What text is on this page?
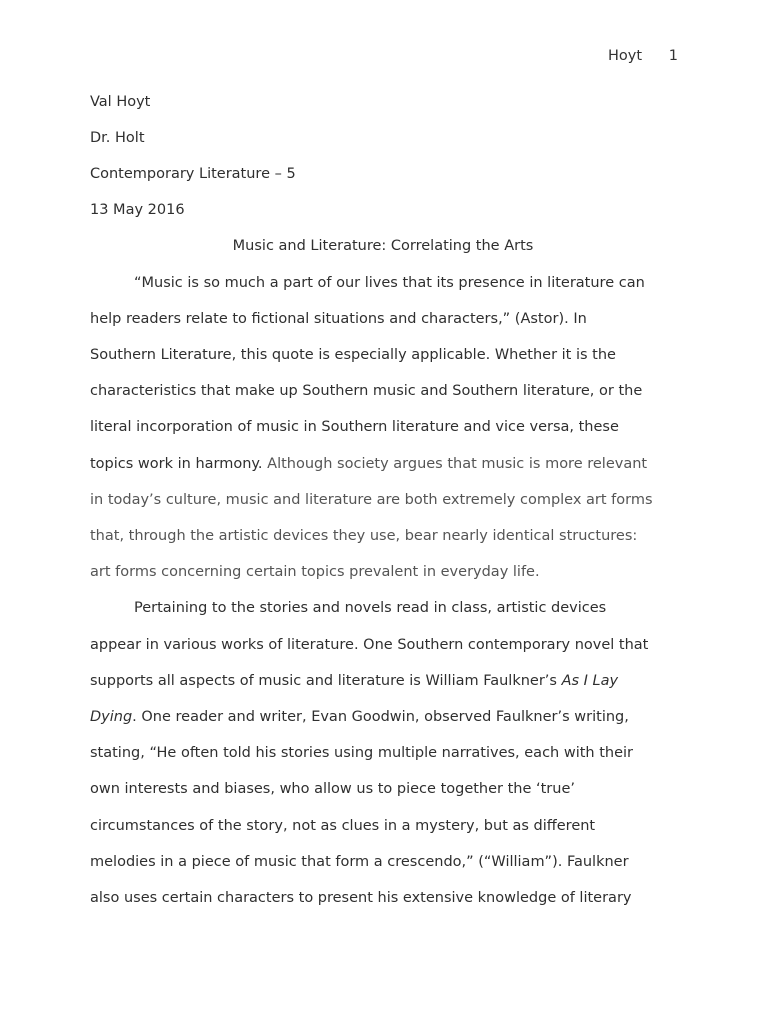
Hoyt 1
Val Hoyt
Dr. Holt
Contemporary Literature – 5
13 May 2016
Music and Literature: Correlating the Arts
“Music is so much a part of our lives that its presence in literature can
help readers relate to fictional situations and characters,” (Astor). In
Southern Literature, this quote is especially applicable. Whether it is the
characteristics that make up Southern music and Southern literature, or the
literal incorporation of music in Southern literature and vice versa, these
topics work in harmony. Although society argues that music is more relevant
in today’s culture, music and literature are both extremely complex art forms
that, through the artistic devices they use, bear nearly identical structures:
art forms concerning certain topics prevalent in everyday life.
Pertaining to the stories and novels read in class, artistic devices
appear in various works of literature. One Southern contemporary novel that
supports all aspects of music and literature is William Faulkner’s As I Lay
Dying. One reader and writer, Evan Goodwin, observed Faulkner’s writing,
stating, “He often told his stories using multiple narratives, each with their
own interests and biases, who allow us to piece together the ‘true’
circumstances of the story, not as clues in a mystery, but as different
melodies in a piece of music that form a crescendo,” (“William”). Faulkner
also uses certain characters to present his extensive knowledge of literary
